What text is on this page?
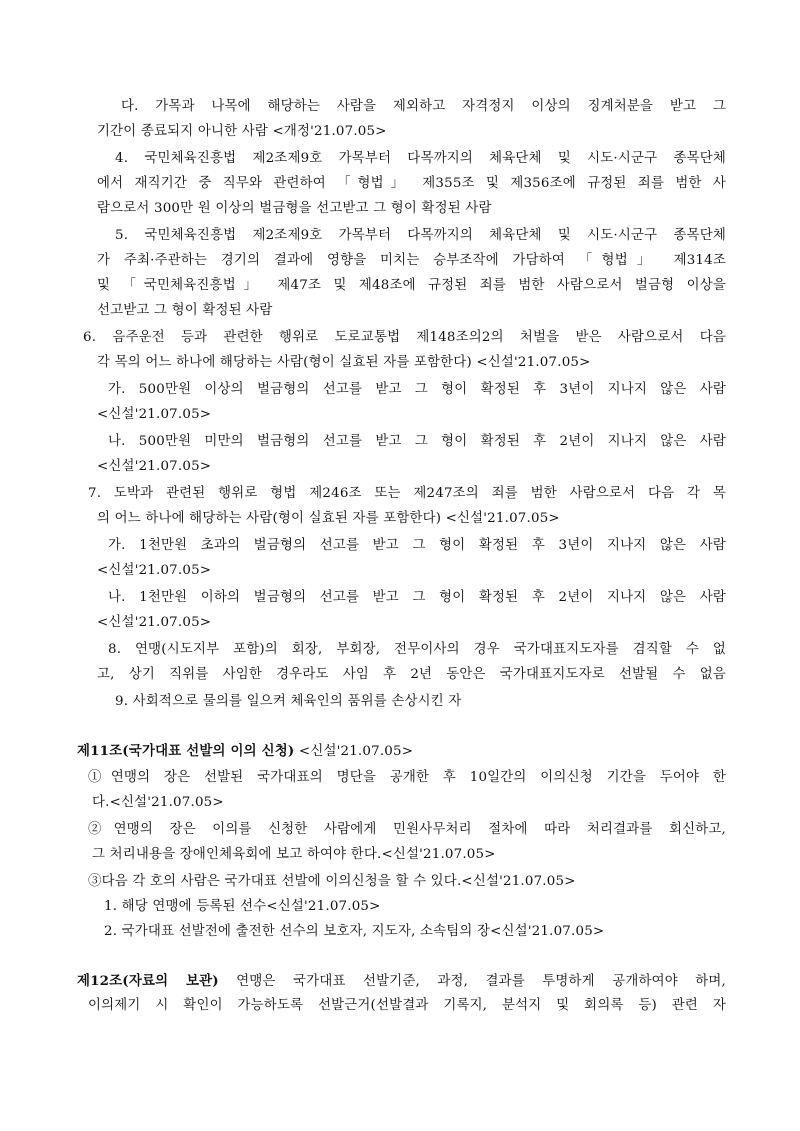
다. 가목과 나목에 해당하는 사람을 제외하고 자격정지 이상의 징계처분을 받고 그
기간이 종료되지 아니한 사람 <개정'21.07.05>
4. 국민체육진흥법 제2조제9호 가목부터 다목까지의 체육단체 및 시도·시군구 종목단체
에서 재직기간 중 직무와 관련하여 「형법」 제355조 및 제356조에 규정된 죄를 범한 사
람으로서 300만 원 이상의 벌금형을 선고받고 그 형이 확정된 사람
5. 국민체육진흥법 제2조제9호 가목부터 다목까지의 체육단체 및 시도·시군구 종목단체
가 주최·주관하는 경기의 결과에 영향을 미치는 승부조작에 가담하여 「형법」 제314조
및 「국민체육진흥법」 제47조 및 제48조에 규정된 죄를 범한 사람으로서 벌금형 이상을
선고받고 그 형이 확정된 사람
6. 음주운전 등과 관련한 행위로 도로교통법 제148조의2의 처벌을 받은 사람으로서 다음
각 목의 어느 하나에 해당하는 사람(형이 실효된 자를 포함한다) <신설'21.07.05>
가. 500만원 이상의 벌금형의 선고를 받고 그 형이 확정된 후 3년이 지나지 않은 사람
<신설'21.07.05>
나. 500만원 미만의 벌금형의 선고를 받고 그 형이 확정된 후 2년이 지나지 않은 사람
<신설'21.07.05>
7. 도박과 관련된 행위로 형법 제246조 또는 제247조의 죄를 범한 사람으로서 다음 각 목
의 어느 하나에 해당하는 사람(형이 실효된 자를 포함한다) <신설'21.07.05>
가. 1천만원 초과의 벌금형의 선고를 받고 그 형이 확정된 후 3년이 지나지 않은 사람
<신설'21.07.05>
나. 1천만원 이하의 벌금형의 선고를 받고 그 형이 확정된 후 2년이 지나지 않은 사람
<신설'21.07.05>
8. 연맹(시도지부 포함)의 회장, 부회장, 전무이사의 경우 국가대표지도자를 겸직할 수 없
고, 상기 직위를 사임한 경우라도 사임 후 2년 동안은 국가대표지도자로 선발될 수 없음
9. 사회적으로 물의를 일으켜 체육인의 품위를 손상시킨 자
제11조(국가대표 선발의 이의 신청) <신설'21.07.05>
①연맹의 장은 선발된 국가대표의 명단을 공개한 후 10일간의 이의신청 기간을 두어야 한
다.<신설'21.07.05>
②연맹의 장은 이의를 신청한 사람에게 민원사무처리 절차에 따라 처리결과를 회신하고,
그 처리내용을 장애인체육회에 보고 하여야 한다.<신설'21.07.05>
③다음 각 호의 사람은 국가대표 선발에 이의신청을 할 수 있다.<신설'21.07.05>
1. 해당 연맹에 등록된 선수<신설'21.07.05>
2. 국가대표 선발전에 출전한 선수의 보호자, 지도자, 소속팀의 장<신설'21.07.05>
제12조(자료의 보관) 연맹은 국가대표 선발기준, 과정, 결과를 투명하게 공개하여야 하며,
이의제기 시 확인이 가능하도록 선발근거(선발결과 기록지, 분석지 및 회의록 등) 관련 자
